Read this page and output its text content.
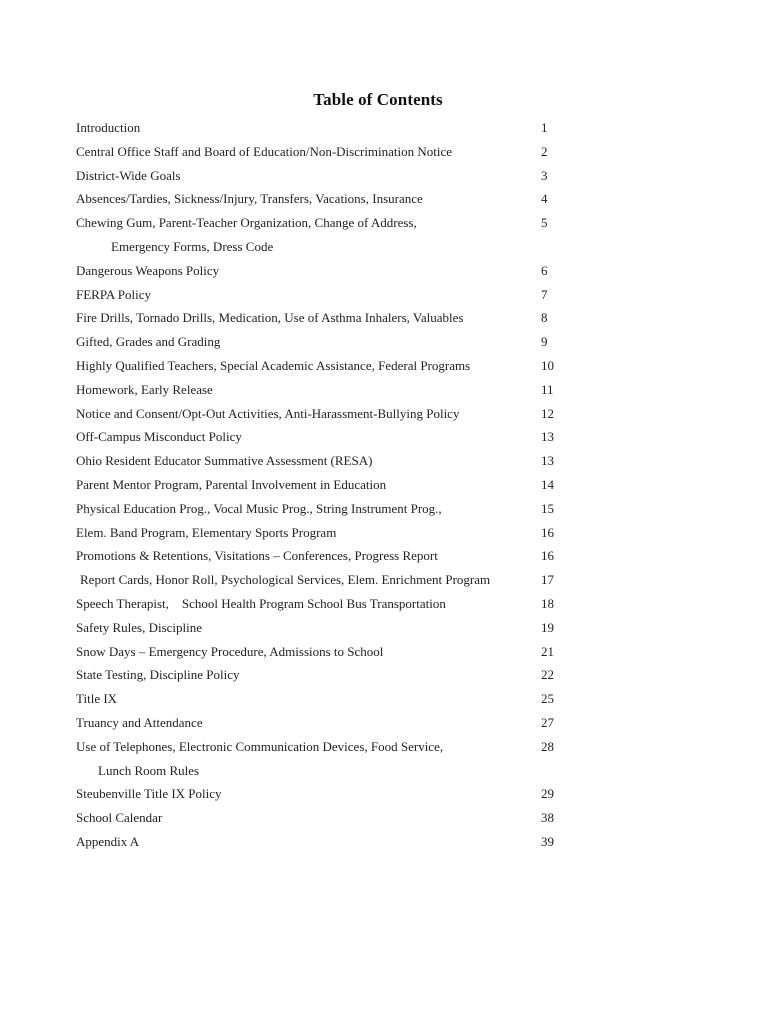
Table of Contents
Introduction	1
Central Office Staff and Board of Education/Non-Discrimination Notice	2
District-Wide Goals	3
Absences/Tardies, Sickness/Injury, Transfers, Vacations, Insurance	4
Chewing Gum, Parent-Teacher Organization, Change of Address,	5
Emergency Forms, Dress Code
Dangerous Weapons Policy	6
FERPA Policy	7
Fire Drills, Tornado Drills, Medication, Use of Asthma Inhalers, Valuables	8
Gifted, Grades and Grading	9
Highly Qualified Teachers, Special Academic Assistance, Federal Programs	10
Homework, Early Release	11
Notice and Consent/Opt-Out Activities, Anti-Harassment-Bullying Policy	12
Off-Campus Misconduct Policy	13
Ohio Resident Educator Summative Assessment (RESA)	13
Parent Mentor Program, Parental Involvement in Education	14
Physical Education Prog., Vocal Music Prog., String Instrument Prog.,	15
Elem. Band Program, Elementary Sports Program	16
Promotions & Retentions, Visitations – Conferences, Progress Report	16
Report Cards, Honor Roll, Psychological Services, Elem. Enrichment Program	17
Speech Therapist,    School Health Program School Bus Transportation	18
Safety Rules, Discipline	19
Snow Days – Emergency Procedure, Admissions to School	21
State Testing, Discipline Policy	22
Title IX	25
Truancy and Attendance	27
Use of Telephones, Electronic Communication Devices, Food Service,	28
Lunch Room Rules
Steubenville Title IX Policy	29
School Calendar	38
Appendix A	39
